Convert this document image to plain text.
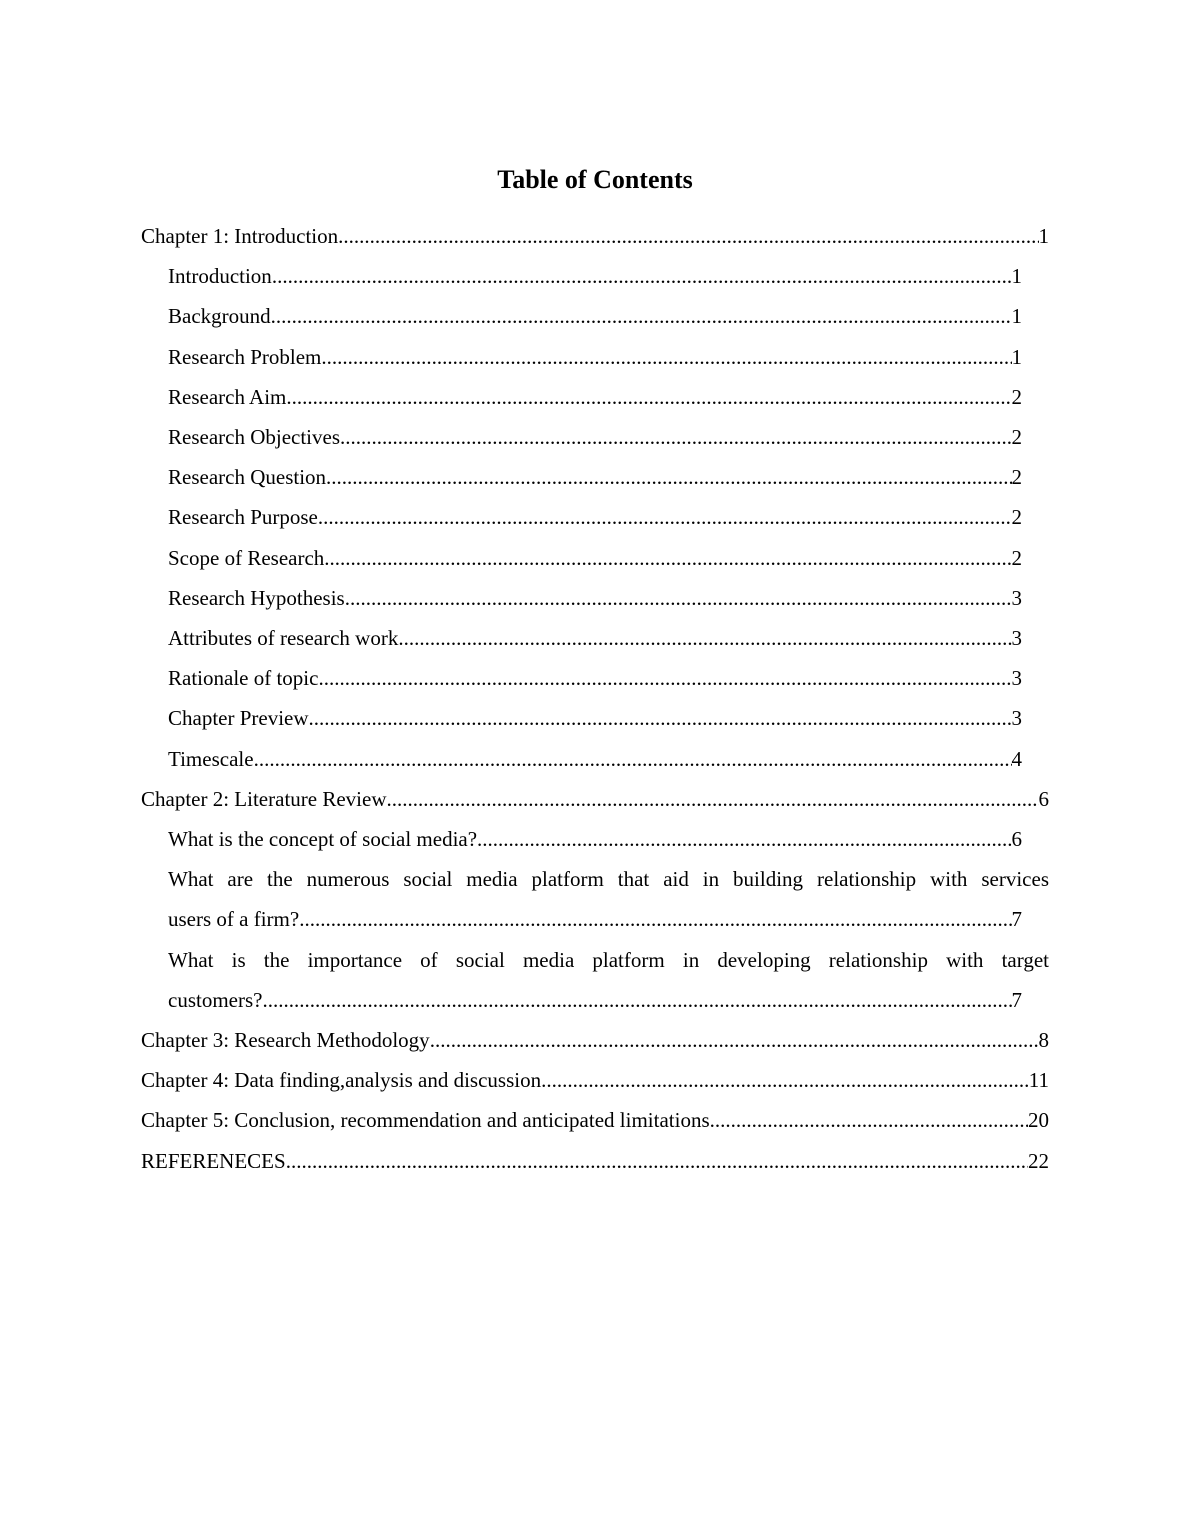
Table of Contents
Chapter 1: Introduction .....	1
Introduction .....	1
Background .....	1
Research Problem .....	1
Research Aim .....	2
Research Objectives .....	2
Research Question .....	2
Research Purpose .....	2
Scope of Research .....	2
Research Hypothesis .....	3
Attributes of research work .....	3
Rationale of topic .....	3
Chapter Preview .....	3
Timescale .....	4
Chapter 2: Literature Review .....	6
What is the concept of social media? .....	6
What are the numerous social media platform that aid in building relationship with services
users of a firm? .....	7
What is the importance of social media platform in developing relationship with target
customers? .....	7
Chapter 3: Research Methodology .....	8
Chapter 4: Data finding,analysis and discussion .....	11
Chapter 5: Conclusion, recommendation and anticipated limitations .....	20
REFERENECES .....	22
